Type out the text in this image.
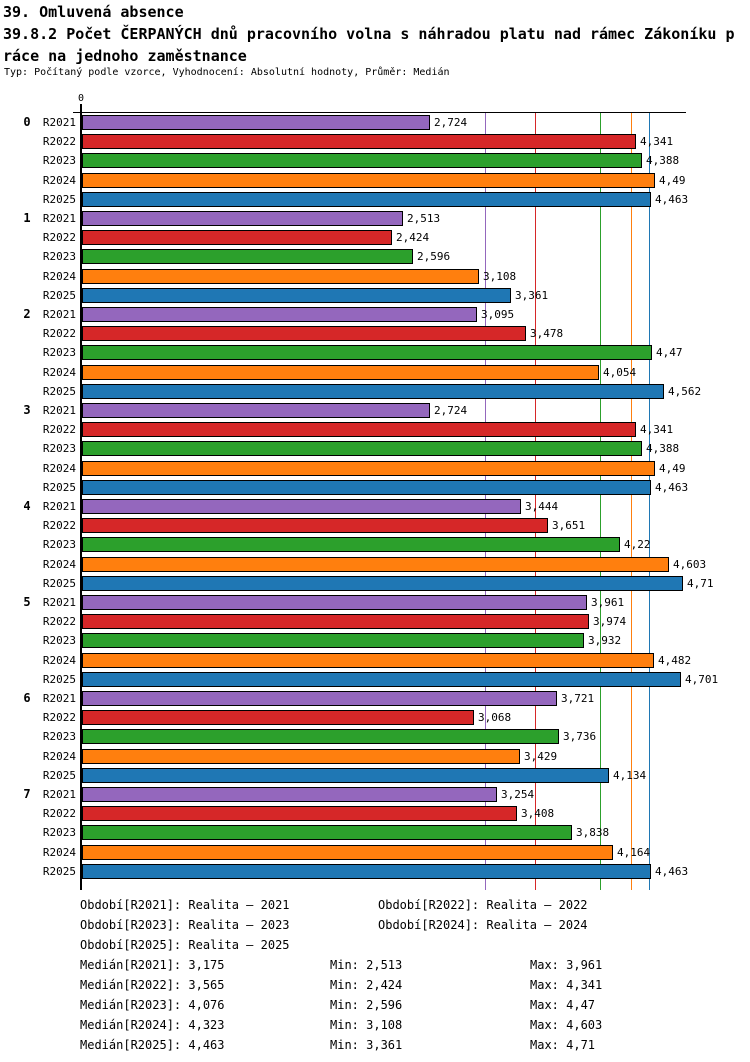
39. Omluvená absence
39.8.2 Počet ČERPANÝCH dnů pracovního volna s náhradou platu nad rámec Zákoníku p
ráce na jednoho zaměstnance
Typ: Počítaný podle vzorce, Vyhodnocení: Absolutní hodnoty, Průměr: Medián
0	R2021	2,724
R2022	4,341
R2023	4,388
R2024	4,49
R2025	4,463
1	R2021	2,513
R2022	2,424
R2023	2,596
R2024	3,108
R2025	3,361
2	R2021	3,095
R2022	3,478
R2023	4,47
R2024	4,054
R2025	4,562
3	R2021	2,724
R2022	4,341
R2023	4,388
R2024	4,49
R2025	4,463
4	R2021	3,444
R2022	3,651
R2023	4,22
R2024	4,603
R2025	4,71
5	R2021	3,961
R2022	3,974
R2023	3,932
R2024	4,482
R2025	4,701
6	R2021	3,721
R2022	3,068
R2023	3,736
R2024	3,429
R2025	4,134
7	R2021	3,254
R2022	3,408
R2023	3,838
R2024	4,164
R2025	4,463
0
Období[R2021]: Realita – 2021	Období[R2022]: Realita – 2022
Období[R2023]: Realita – 2023	Období[R2024]: Realita – 2024
Období[R2025]: Realita – 2025
Medián[R2021]: 3,175	Min: 2,513	Max: 3,961
Medián[R2022]: 3,565	Min: 2,424	Max: 4,341
Medián[R2023]: 4,076	Min: 2,596	Max: 4,47
Medián[R2024]: 4,323	Min: 3,108	Max: 4,603
Medián[R2025]: 4,463	Min: 3,361	Max: 4,71
